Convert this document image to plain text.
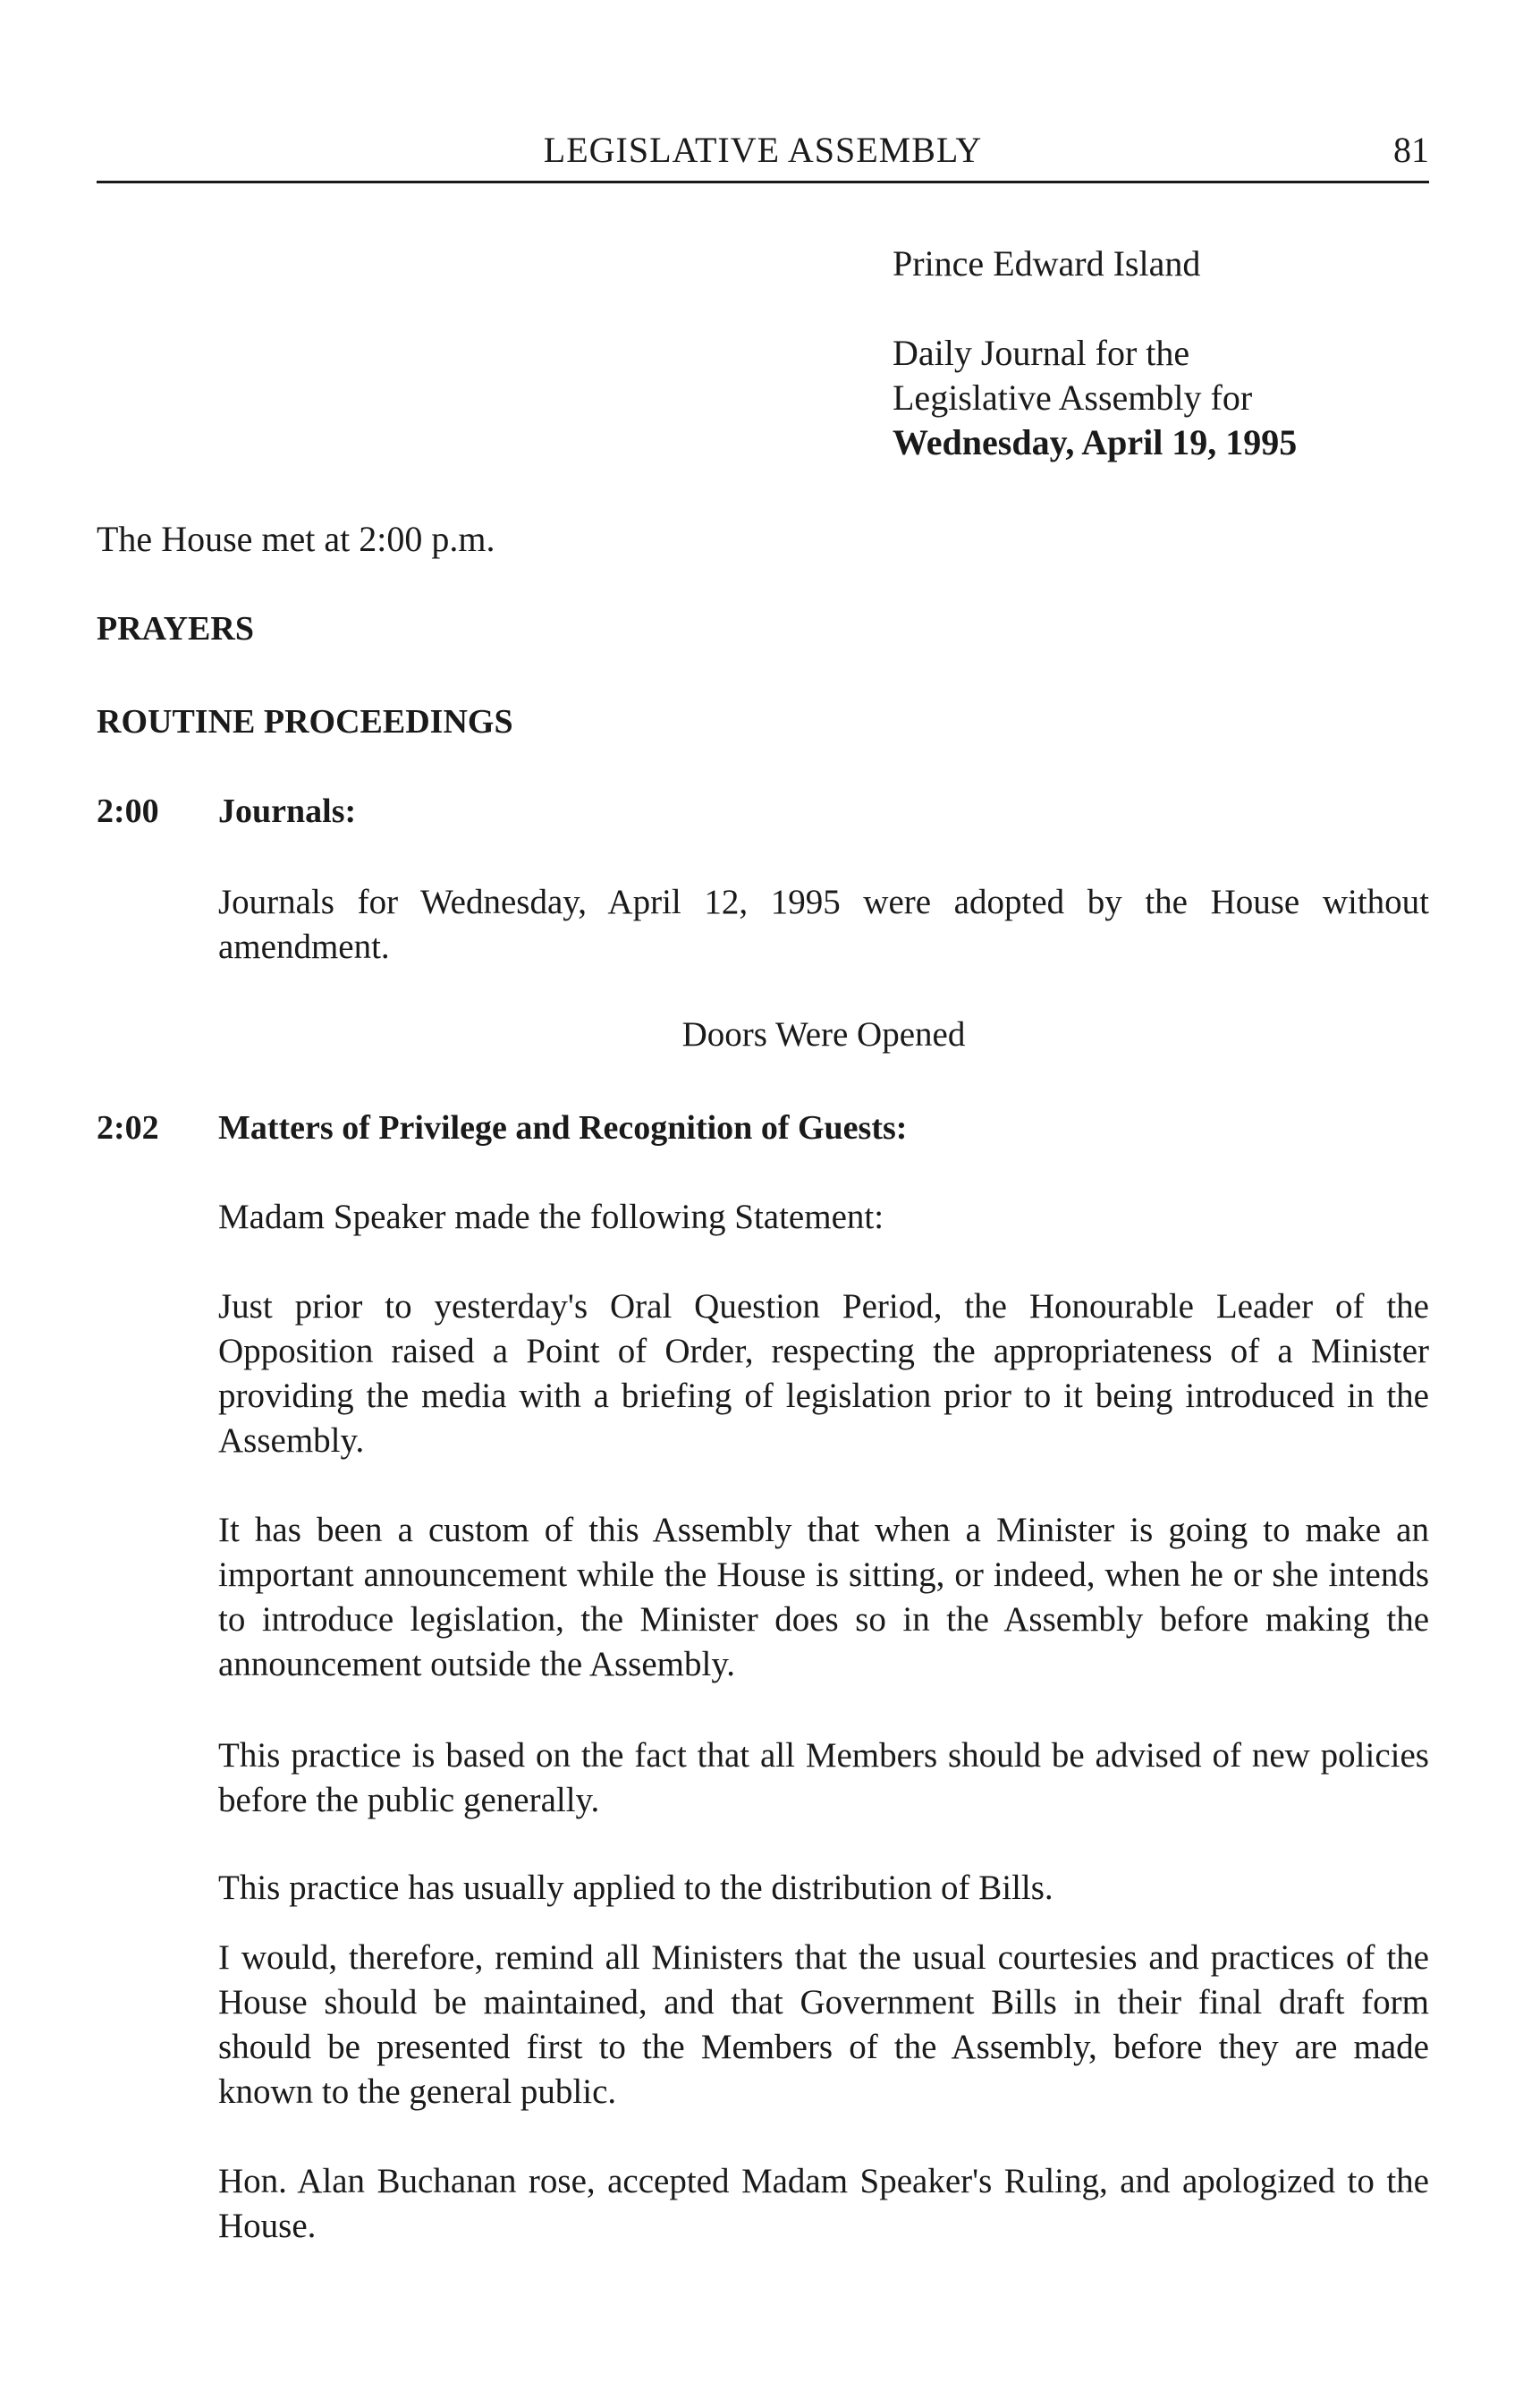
LEGISLATIVE ASSEMBLY	81
Prince Edward Island
Daily Journal for the
Legislative Assembly for
Wednesday, April 19, 1995
The House met at 2:00 p.m.
PRAYERS
ROUTINE PROCEEDINGS
2:00 Journals:
Journals for Wednesday, April 12, 1995 were adopted by the House without amendment.
Doors Were Opened
2:02 Matters of Privilege and Recognition of Guests:
Madam Speaker made the following Statement:
Just prior to yesterday's Oral Question Period, the Honourable Leader of the Opposition raised a Point of Order, respecting the appropriateness of a Minister providing the media with a briefing of legislation prior to it being introduced in the Assembly.
It has been a custom of this Assembly that when a Minister is going to make an important announcement while the House is sitting, or indeed, when he or she intends to introduce legislation, the Minister does so in the Assembly before making the announcement outside the Assembly.
This practice is based on the fact that all Members should be advised of new policies before the public generally.
This practice has usually applied to the distribution of Bills.
I would, therefore, remind all Ministers that the usual courtesies and practices of the House should be maintained, and that Government Bills in their final draft form should be presented first to the Members of the Assembly, before they are made known to the general public.
Hon. Alan Buchanan rose, accepted Madam Speaker's Ruling, and apologized to the House.
